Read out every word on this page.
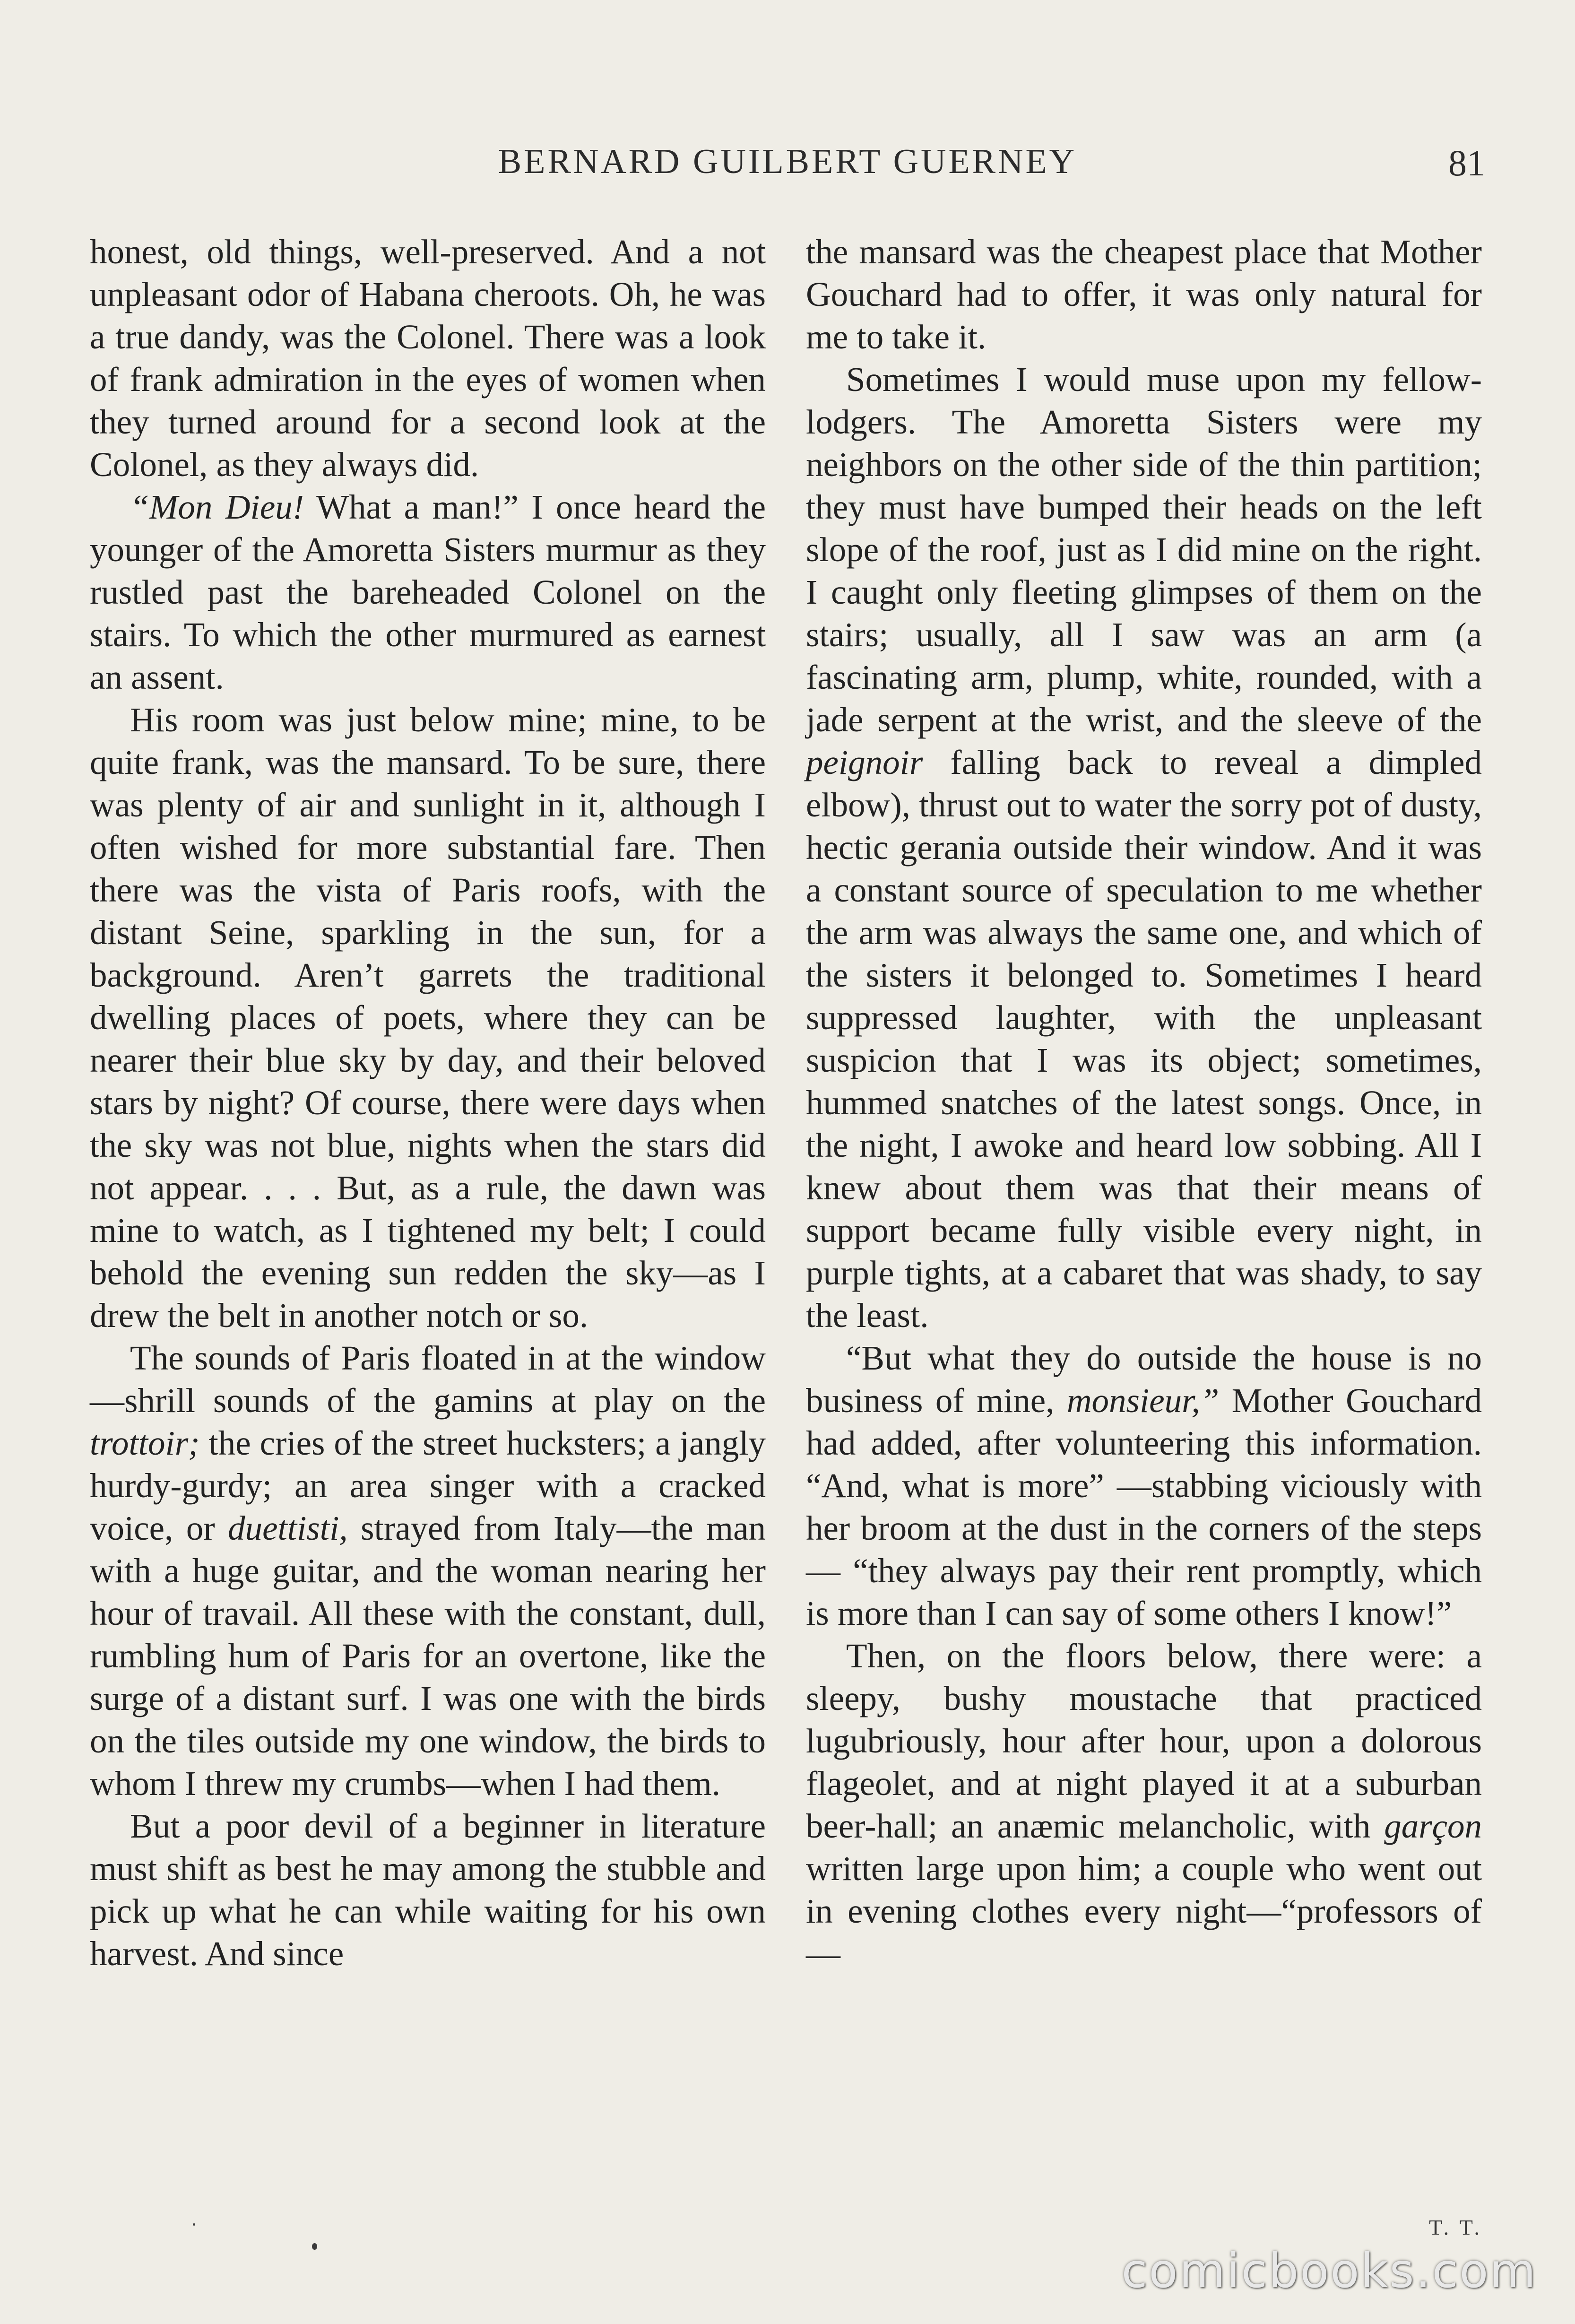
BERNARD GUILBERT GUERNEY	81

honest, old things, well-preserved. And a not unpleasant odor of Habana cheroots. Oh, he was a true dandy, was the Colonel. There was a look of frank admiration in the eyes of women when they turned around for a second look at the Colonel, as they always did.

“Mon Dieu! What a man!” I once heard the younger of the Amoretta Sisters murmur as they rustled past the bareheaded Colonel on the stairs. To which the other murmured as earnest an assent.

His room was just below mine; mine, to be quite frank, was the mansard. To be sure, there was plenty of air and sunlight in it, although I often wished for more substantial fare. Then there was the vista of Paris roofs, with the distant Seine, sparkling in the sun, for a background. Aren’t garrets the traditional dwelling places of poets, where they can be nearer their blue sky by day, and their beloved stars by night? Of course, there were days when the sky was not blue, nights when the stars did not appear. . . . But, as a rule, the dawn was mine to watch, as I tightened my belt; I could behold the evening sun redden the sky—as I drew the belt in another notch or so.

The sounds of Paris floated in at the window—shrill sounds of the gamins at play on the trottoir; the cries of the street hucksters; a jangly hurdy-gurdy; an area singer with a cracked voice, or duettisti, strayed from Italy—the man with a huge guitar, and the woman nearing her hour of travail. All these with the constant, dull, rumbling hum of Paris for an overtone, like the surge of a distant surf. I was one with the birds on the tiles outside my one window, the birds to whom I threw my crumbs—when I had them.

But a poor devil of a beginner in literature must shift as best he may among the stubble and pick up what he can while waiting for his own harvest. And since

the mansard was the cheapest place that Mother Gouchard had to offer, it was only natural for me to take it.

Sometimes I would muse upon my fellow-lodgers. The Amoretta Sisters were my neighbors on the other side of the thin partition; they must have bumped their heads on the left slope of the roof, just as I did mine on the right. I caught only fleeting glimpses of them on the stairs; usually, all I saw was an arm (a fascinating arm, plump, white, rounded, with a jade serpent at the wrist, and the sleeve of the peignoir falling back to reveal a dimpled elbow), thrust out to water the sorry pot of dusty, hectic gerania outside their window. And it was a constant source of speculation to me whether the arm was always the same one, and which of the sisters it belonged to. Sometimes I heard suppressed laughter, with the unpleasant suspicion that I was its object; sometimes, hummed snatches of the latest songs. Once, in the night, I awoke and heard low sobbing. All I knew about them was that their means of support became fully visible every night, in purple tights, at a cabaret that was shady, to say the least.

“But what they do outside the house is no business of mine, monsieur,” Mother Gouchard had added, after volunteering this information. “And, what is more” —stabbing viciously with her broom at the dust in the corners of the steps— “they always pay their rent promptly, which is more than I can say of some others I know!”

Then, on the floors below, there were: a sleepy, bushy moustache that practiced lugubriously, hour after hour, upon a dolorous flageolet, and at night played it at a suburban beer-hall; an anæmic melancholic, with garçon written large upon him; a couple who went out in evening clothes every night—“professors of—

T. T.
comicbooks.com
